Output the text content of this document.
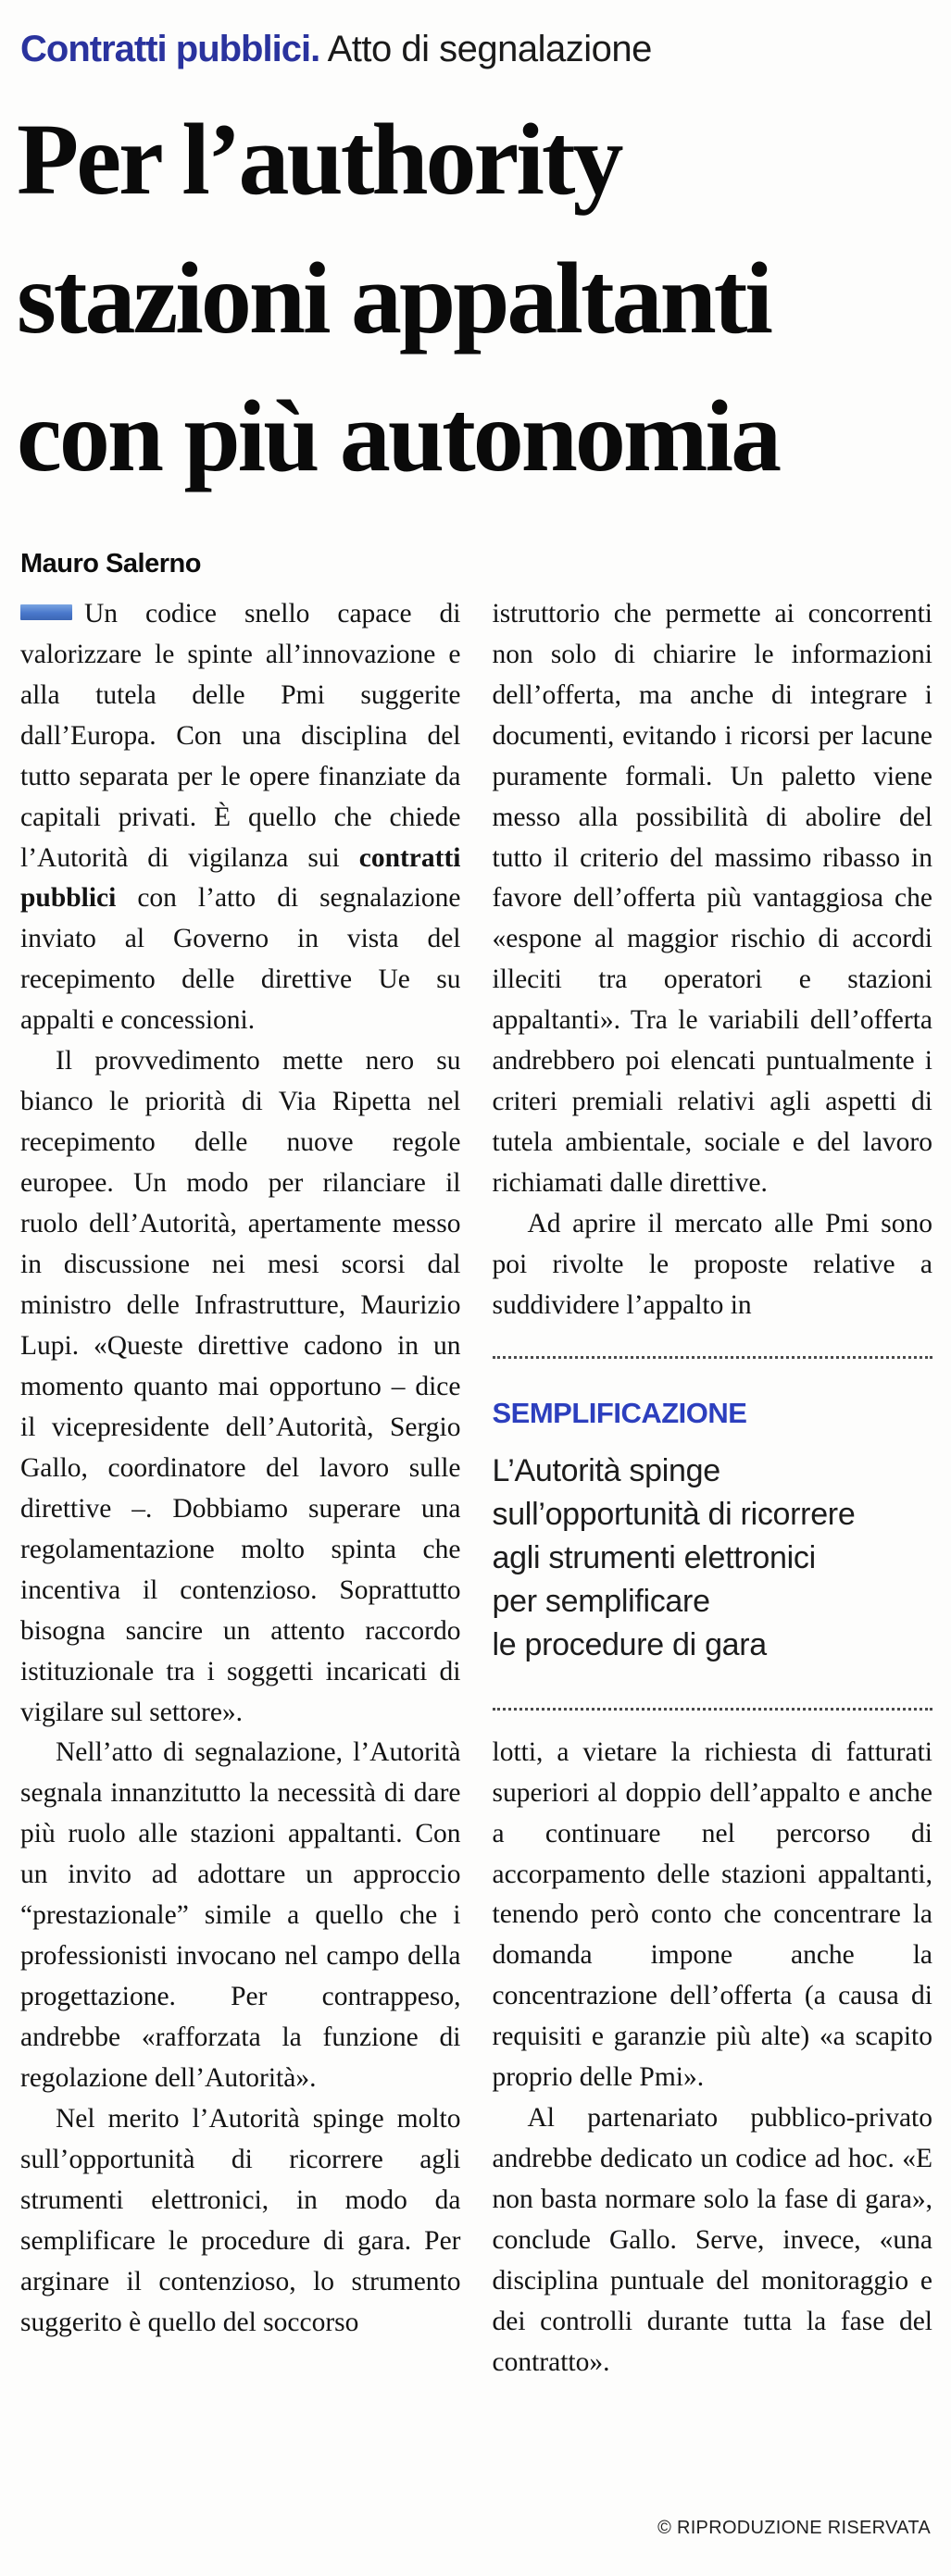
Contratti pubblici. Atto di segnalazione
Per l’authority
stazioni appaltanti
con più autonomia
Mauro Salerno

Un codice snello capace di valorizzare le spinte all’innovazione e alla tutela delle Pmi suggerite dall’Europa. Con una disciplina del tutto separata per le opere finanziate da capitali privati. È quello che chiede l’Autorità di vigilanza sui contratti pubblici con l’atto di segnalazione inviato al Governo in vista del recepimento delle direttive Ue su appalti e concessioni.

Il provvedimento mette nero su bianco le priorità di Via Ripetta nel recepimento delle nuove regole europee. Un modo per rilanciare il ruolo dell’Autorità, apertamente messo in discussione nei mesi scorsi dal ministro delle Infrastrutture, Maurizio Lupi. «Queste direttive cadono in un momento quanto mai opportuno – dice il vicepresidente dell’Autorità, Sergio Gallo, coordinatore del lavoro sulle direttive –. Dobbiamo superare una regolamentazione molto spinta che incentiva il contenzioso. Soprattutto bisogna sancire un attento raccordo istituzionale tra i soggetti incaricati di vigilare sul settore».

Nell’atto di segnalazione, l’Autorità segnala innanzitutto la necessità di dare più ruolo alle stazioni appaltanti. Con un invito ad adottare un approccio “prestazionale” simile a quello che i professionisti invocano nel campo della progettazione. Per contrappeso, andrebbe «rafforzata la funzione di regolazione dell’Autorità».

Nel merito l’Autorità spinge molto sull’opportunità di ricorrere agli strumenti elettronici, in modo da semplificare le procedure di gara. Per arginare il contenzioso, lo strumento suggerito è quello del soccorso

istruttorio che permette ai concorrenti non solo di chiarire le informazioni dell’offerta, ma anche di integrare i documenti, evitando i ricorsi per lacune puramente formali. Un paletto viene messo alla possibilità di abolire del tutto il criterio del massimo ribasso in favore dell’offerta più vantaggiosa che «espone al maggior rischio di accordi illeciti tra operatori e stazioni appaltanti». Tra le variabili dell’offerta andrebbero poi elencati puntualmente i criteri premiali relativi agli aspetti di tutela ambientale, sociale e del lavoro richiamati dalle direttive.

Ad aprire il mercato alle Pmi sono poi rivolte le proposte relative a suddividere l’appalto in

SEMPLIFICAZIONE
L’Autorità spinge
sull’opportunità di ricorrere
agli strumenti elettronici
per semplificare
le procedure di gara

lotti, a vietare la richiesta di fatturati superiori al doppio dell’appalto e anche a continuare nel percorso di accorpamento delle stazioni appaltanti, tenendo però conto che concentrare la domanda impone anche la concentrazione dell’offerta (a causa di requisiti e garanzie più alte) «a scapito proprio delle Pmi».

Al partenariato pubblico-privato andrebbe dedicato un codice ad hoc. «E non basta normare solo la fase di gara», conclude Gallo. Serve, invece, «una disciplina puntuale del monitoraggio e dei controlli durante tutta la fase del contratto».

© RIPRODUZIONE RISERVATA
